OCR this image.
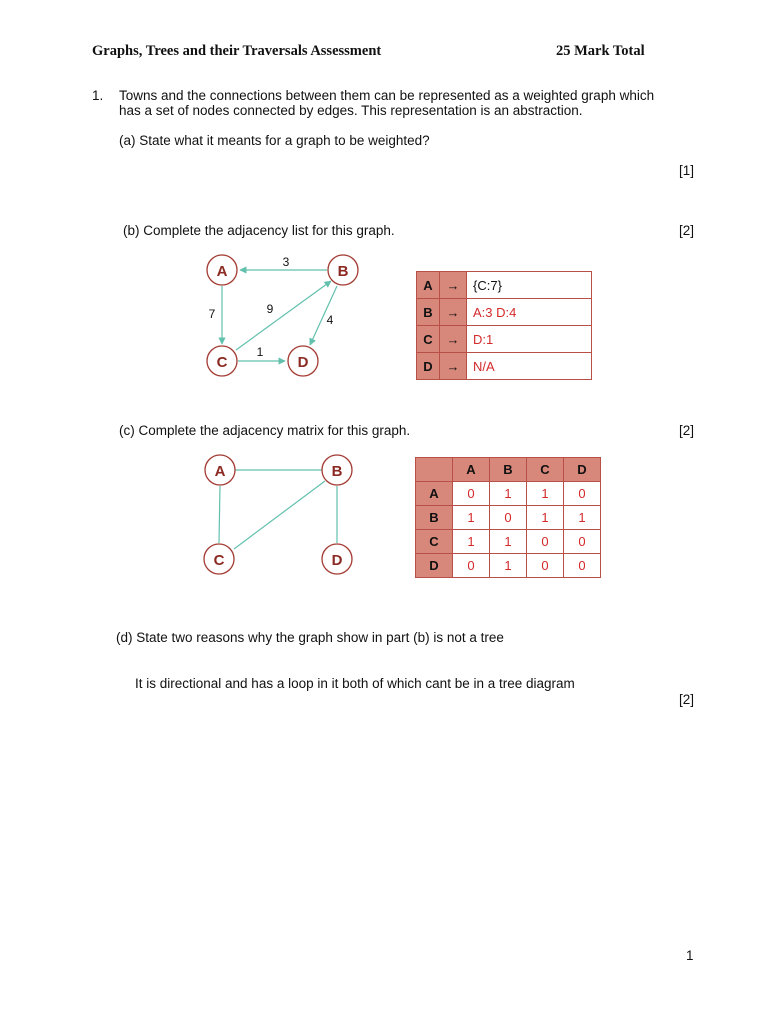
Graphs, Trees and their Traversals Assessment	25 Mark Total
1. Towns and the connections between them can be represented as a weighted graph which
has a set of nodes connected by edges. This representation is an abstraction.
(a) State what it meants for a graph to be weighted?
[1]
(b) Complete the adjacency list for this graph.	[2]
3
7	9
4
1
A	B
C	D
A	B
C	D
A	→	{C:7}
B	→	A:3 D:4
C	→	D:1
D	→	N/A
(c) Complete the adjacency matrix for this graph.	[2]
	A	B	C	D
A	0	1	1	0
B	1	0	1	1
C	1	1	0	0
D	0	1	0	0
(d) State two reasons why the graph show in part (b) is not a tree
It is directional and has a loop in it both of which cant be in a tree diagram
[2]
1
